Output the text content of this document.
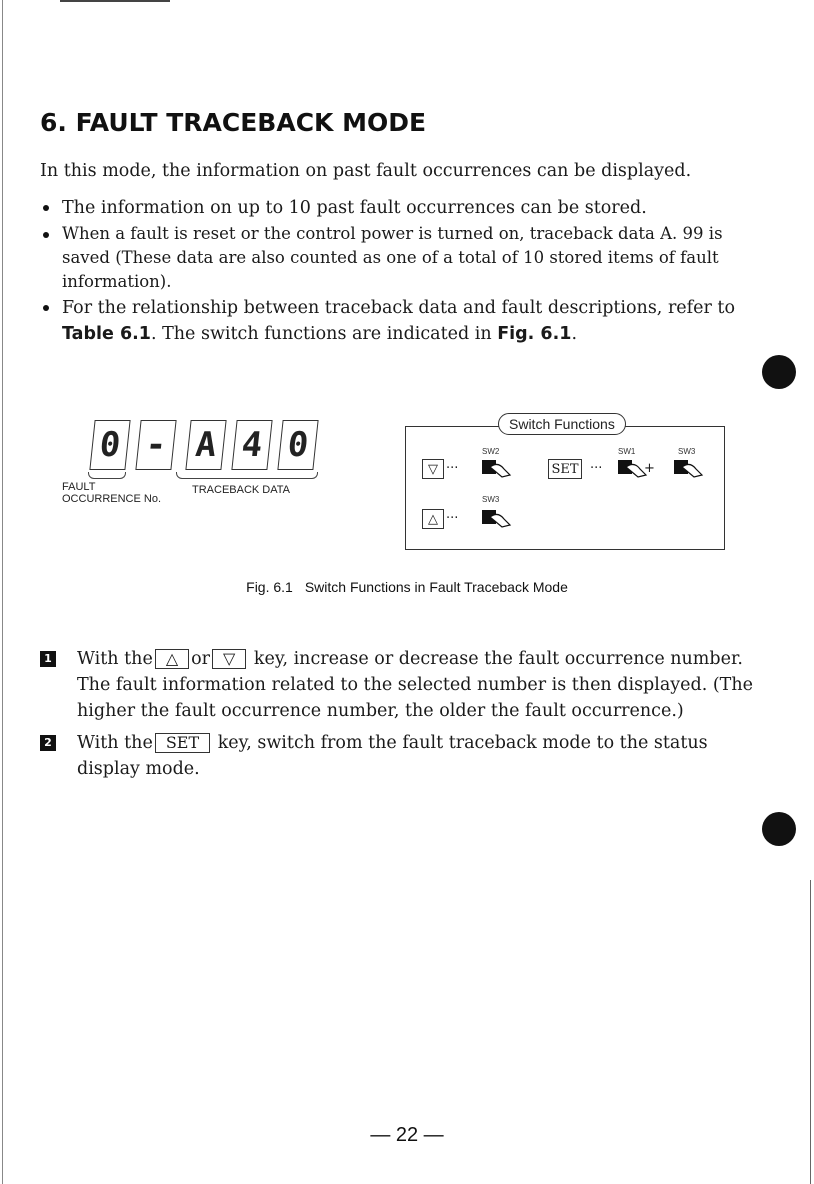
6. FAULT TRACEBACK MODE
In this mode, the information on past fault occurrences can be displayed.
The information on up to 10 past fault occurrences can be stored.
When a fault is reset or the control power is turned on, traceback data A. 99 is saved (These data are also counted as one of a total of 10 stored items of fault information).
For the relationship between traceback data and fault descriptions, refer to Table 6.1. The switch functions are indicated in Fig. 6.1.
0 - A 4 0
FAULT
OCCURRENCE No.
TRACEBACK DATA
Switch Functions
SW2	SW1	SW3
▽ ···	SET ···	+
SW3
△ ···
Fig. 6.1 Switch Functions in Fault Traceback Mode
1 With the △ or ▽ key, increase or decrease the fault occurrence number. The fault information related to the selected number is then displayed. (The higher the fault occurrence number, the older the fault occurrence.)
2 With the SET key, switch from the fault traceback mode to the status display mode.
— 22 —
